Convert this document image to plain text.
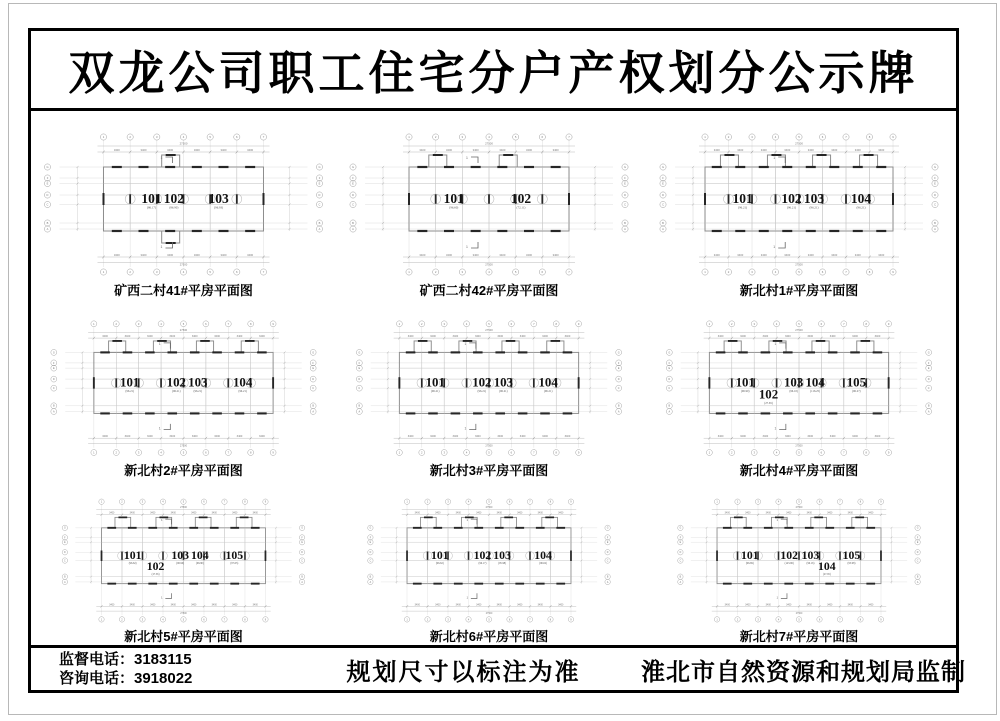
双龙公司职工住宅分户产权划分公示牌
G	G
F	F
E	E
D	D
C	C
B	B
A	A
1
1
2
2
3
3
4
4
5
5
6
6
7
7
27500
3400	3400	3400	3400	3400	3400
3400	3400	3400	3400	3400	3400
27500
1
1
101
(86.17)
102
(86.90)
103
(96.93)
矿西二村41#平房平面图
G	G
F	F
E	E
D	D
C	C
B	B
A	A
1
1
2
2
3
3
4
4
5
5
6
6
7
7
27500
3400	3400	3400	3400	3400	3400
3400	3400	3400	3400	3400	3400
27500
1
1
101
(96.60)
102
(72.11)
矿西二村42#平房平面图
G	G
F	F
E	E
D	D
C	C
B	B
A	A
1
1
2
2
3
3
4
4
5
5
6
6
7
7
8
8
9
9
27500
3400	3400	3400	3400	3400	3400	3400	3400
3400	3400	3400	3400	3400	3400	3400	3400
27500
1
1
101
(96.21)
102
(96.21)
103
(96.21)
104
(96.21)
新北村1#平房平面图
G	G
F	F
E	E
D	D
C	C
B	B
A	A
1
1
2
2
3
3
4
4
5
5
6
6
7
7
8
8
9
9
27500
3400	3400	3400	3400	3400	3400	3400	3400
3400	3400	3400	3400	3400	3400	3400	3400
27500
1
1
101
(96.21)
102
(96.21)
103
(96.21)
104
(96.21)
新北村2#平房平面图
G	G
F	F
E	E
D	D
C	C
B	B
A	A
1
1
2
2
3
3
4
4
5
5
6
6
7
7
8
8
9
9
27500
3400	3400	3400	3400	3400	3400	3400	3400
3400	3400	3400	3400	3400	3400	3400	3400
27500
1
1
101
(96.21)
102
(96.21)
103
(96.21)
104
(96.21)
新北村3#平房平面图
G	G
F	F
E	E
D	D
C	C
B	B
A	A
1
1
2
2
3
3
4
4
5
5
6
6
7
7
8
8
9
9
27500
3400	3400	3400	3400	3400	3400	3400	3400
3400	3400	3400	3400	3400	3400	3400	3400
27500
1
1
101
(96.90) 102
(27.65)
103
(96.10)
104
(116.25)
105
(96.27)
新北村4#平房平面图
G	G
F	F
E	E
D	D
C	C
B	B
A	A
1
1
2
2
3
3
4
4
5
5
6
6
7
7
8
8
9
9
27500
3400	3400	3400	3400	3400	3400	3400	3400
3400	3400	3400	3400	3400	3400	3400	3400
27500
1
1
101
(96.62) 102
(27.65)
103
(96.90)
104
(96.90)
105
(97.63)
新北村5#平房平面图
G	G
F	F
E	E
D	D
C	C
B	B
A	A
1
1
2
2
3
3
4
4
5
5
6
6
7
7
8
8
9
9
27500
3400	3400	3400	3400	3400	3400	3400	3400
3400	3400	3400	3400	3400	3400	3400	3400
27500
1
1
101
(96.62)
102
(96.17)
103
(95.98)
104
(96.62)
新北村6#平房平面图
G	G
F	F
E	E
D	D
C	C
B	B
A	A
1
1
2
2
3
3
4
4
5
5
6
6
7
7
8
8
9
9
27500
3400	3400	3400	3400	3400	3400	3400	3400
3400	3400	3400	3400	3400	3400	3400	3400
27500
1
1
101
(96.69)
102
(143.96)
103
(96.16) 104
(27.65)
105
(95.98)
新北村7#平房平面图
监督电话：3183115
咨询电话：3918022	规划尺寸以标注为准	淮北市自然资源和规划局监制
